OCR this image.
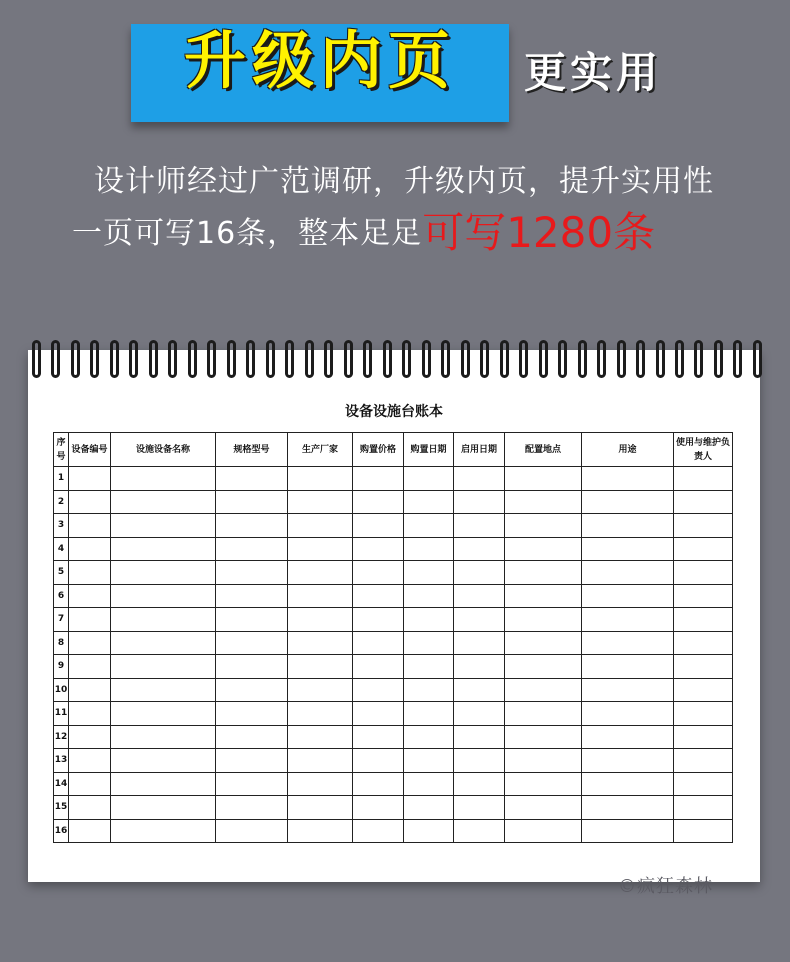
升级内页	更实用
设计师经过广范调研，升级内页，提升实用性
一页可写16条，整本足足可写1280条
设备设施台账本
序号	设备编号	设施设备名称	规格型号	生产厂家	购置价格	购置日期	启用日期	配置地点	用途	使用与维护负责人
1										
2										
3										
4										
5										
6										
7										
8										
9										
10										
11										
12										
13										
14										
15										
16										
©疯狂森林
